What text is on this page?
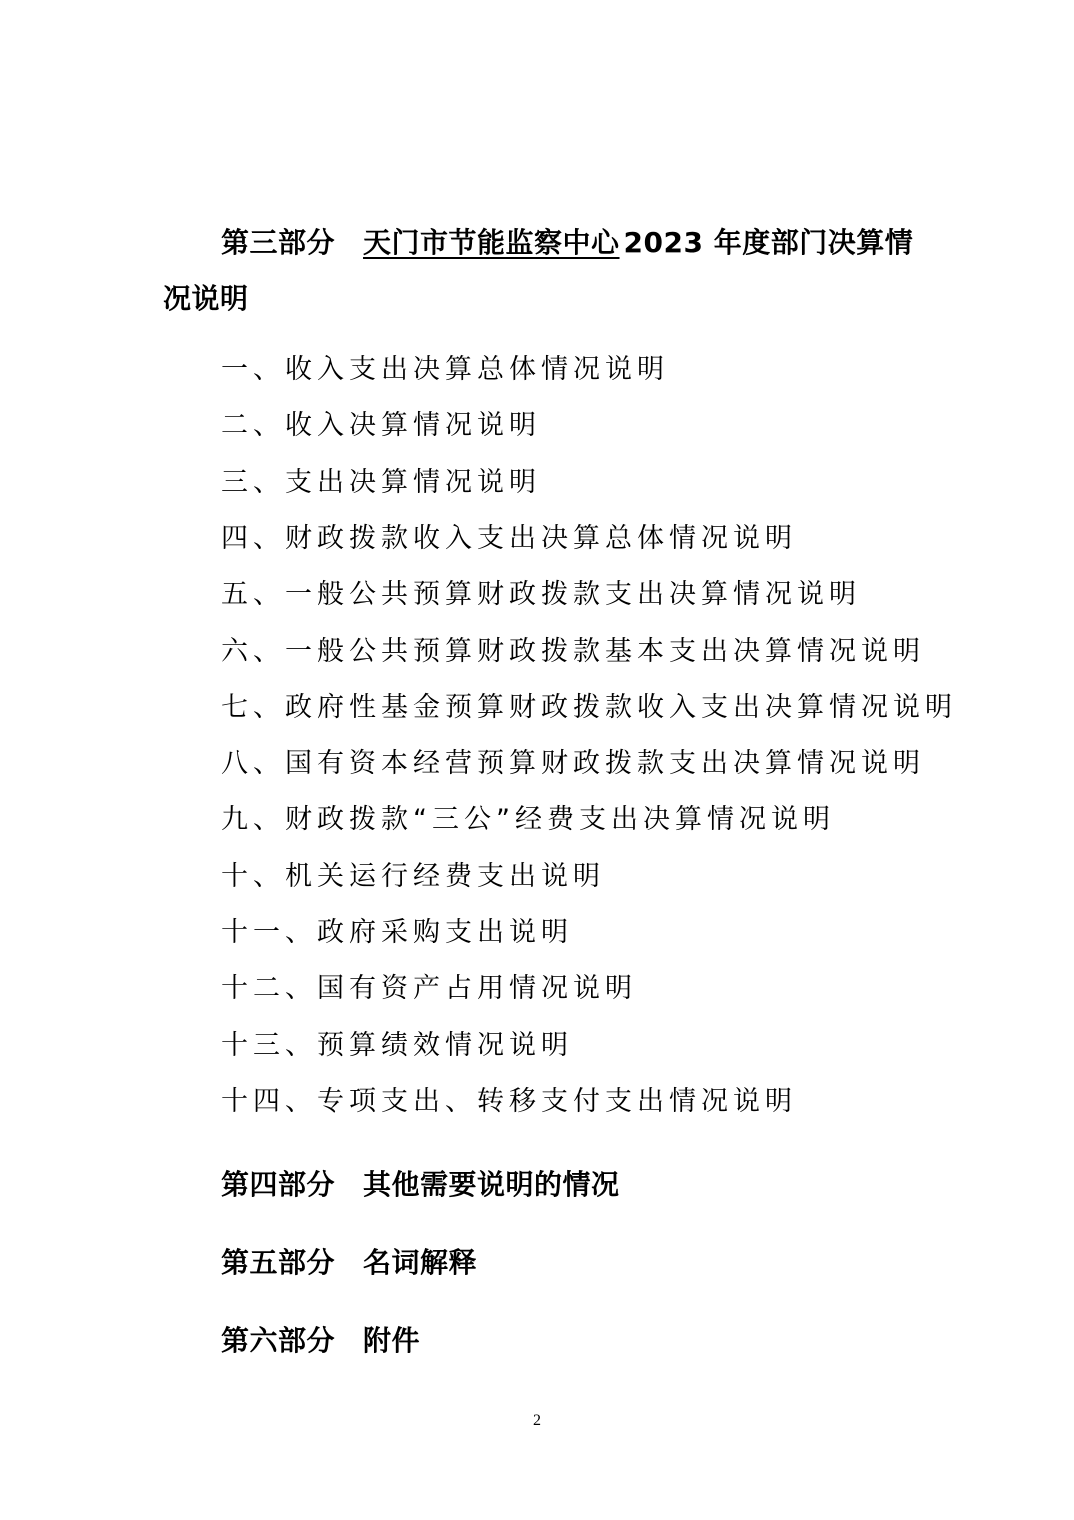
第三部分 天门市节能监察中心 2023 年度部门决算情
况说明
一、收入支出决算总体情况说明
二、收入决算情况说明
三、支出决算情况说明
四、财政拨款收入支出决算总体情况说明
五、一般公共预算财政拨款支出决算情况说明
六、一般公共预算财政拨款基本支出决算情况说明
七、政府性基金预算财政拨款收入支出决算情况说明
八、国有资本经营预算财政拨款支出决算情况说明
九、财政拨款“三公”经费支出决算情况说明
十、机关运行经费支出说明
十一、政府采购支出说明
十二、国有资产占用情况说明
十三、预算绩效情况说明
十四、专项支出、转移支付支出情况说明
第四部分 其他需要说明的情况
第五部分 名词解释
第六部分 附件
2
